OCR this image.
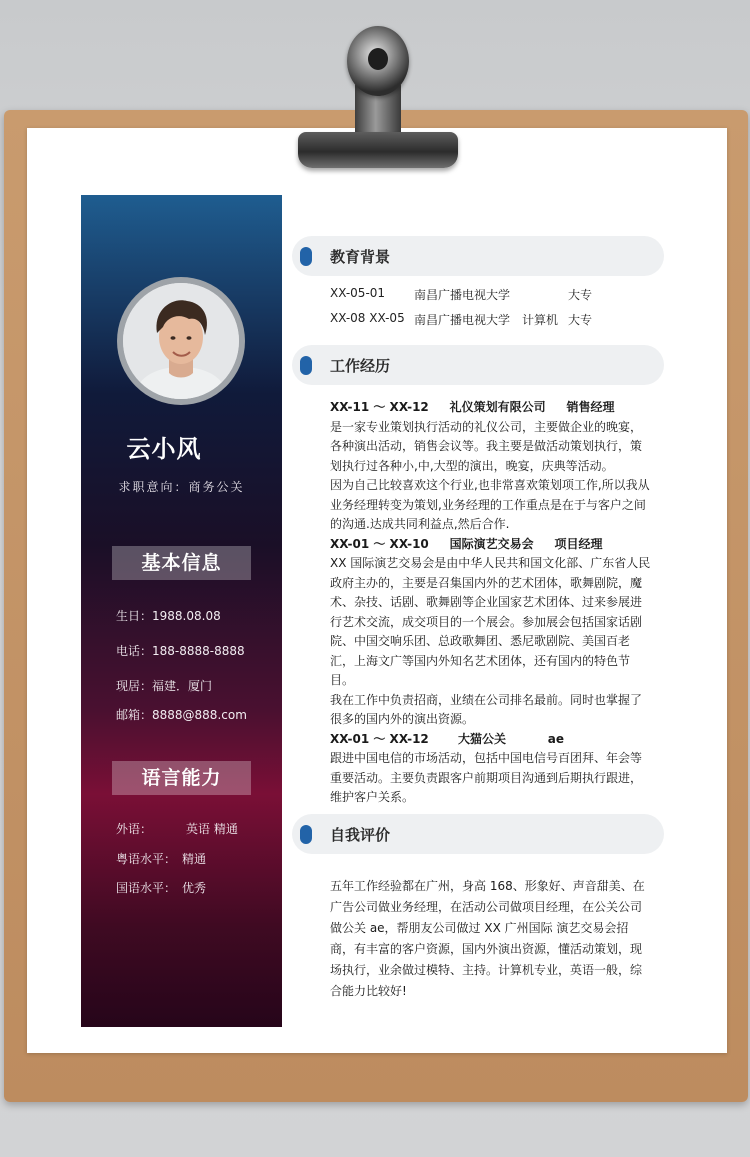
云小风
求职意向：商务公关
基本信息
生日：1988.08.08
电话：188-8888-8888
现居：福建．厦门
邮箱：8888@888.com
语言能力
外语：	英语 精通
粤语水平： 精通
国语水平： 优秀
教育背景
XX-05-01 南昌广播电视大学	大专
XX-08 XX-05 南昌广播电视大学 计算机 大专
工作经历

XX-11 ～ XX-12     礼仪策划有限公司     销售经理

是一家专业策划执行活动的礼仪公司，主要做企业的晚宴，各种演出活动，销售会议等。我主要是做活动策划执行，策划执行过各种小,中,大型的演出，晚宴，庆典等活动。

因为自己比较喜欢这个行业,也非常喜欢策划项工作,所以我从业务经理转变为策划,业务经理的工作重点是在于与客户之间的沟通.达成共同利益点,然后合作.

XX-01 ～ XX-10     国际演艺交易会     项目经理

XX 国际演艺交易会是由中华人民共和国文化部、广东省人民政府主办的，主要是召集国内外的艺术团体，歌舞剧院，魔术、杂技、话剧、歌舞剧等企业国家艺术团体、过来参展进行艺术交流，成交项目的一个展会。参加展会包括国家话剧院、中国交响乐团、总政歌舞团、悉尼歌剧院、美国百老汇，上海文广等国内外知名艺术团体，还有国内的特色节目。

我在工作中负责招商，业绩在公司排名最前。同时也掌握了很多的国内外的演出资源。

XX-01 ～ XX-12       大猫公关          ae

跟进中国电信的市场活动，包括中国电信号百团拜、年会等重要活动。主要负责跟客户前期项目沟通到后期执行跟进，维护客户关系。

自我评价

五年工作经验都在广州，身高 168、形象好、声音甜美、在广告公司做业务经理，在活动公司做项目经理，在公关公司做公关 ae，帮朋友公司做过 XX 广州国际 演艺交易会招商，有丰富的客户资源，国内外演出资源，懂活动策划，现场执行，业余做过模特、主持。计算机专业，英语一般，综合能力比较好!
